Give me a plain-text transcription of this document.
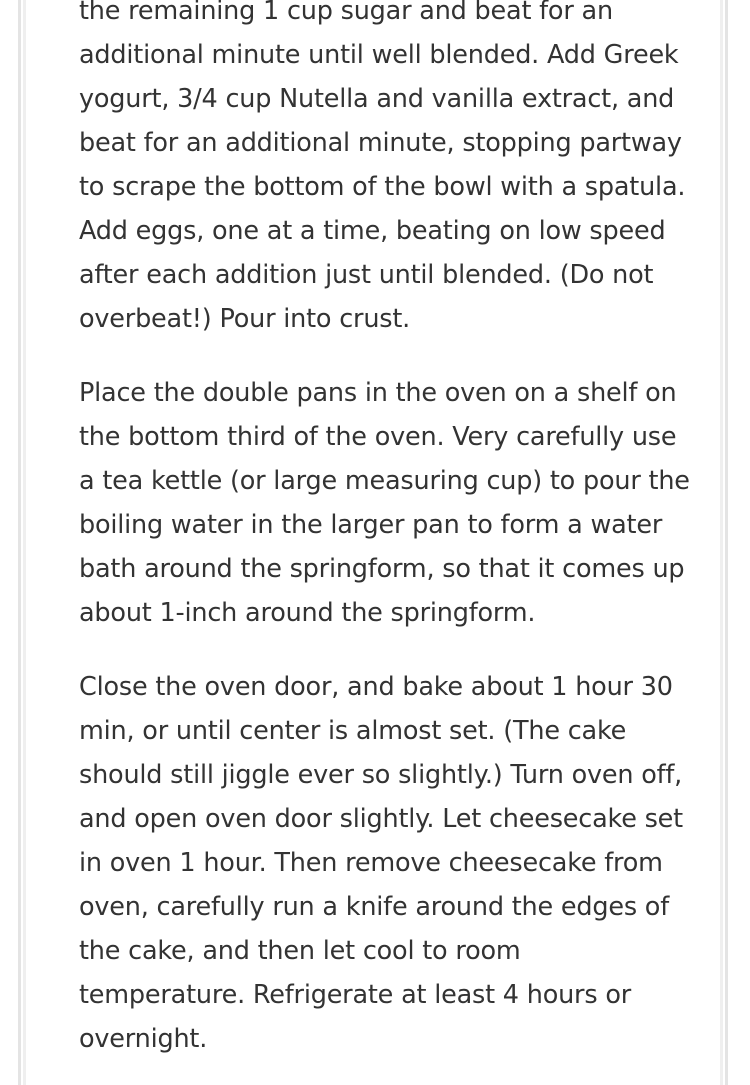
the remaining 1 cup sugar and beat for an
additional minute until well blended. Add Greek
yogurt, 3/4 cup Nutella and vanilla extract, and
beat for an additional minute, stopping partway
to scrape the bottom of the bowl with a spatula.
Add eggs, one at a time, beating on low speed
after each addition just until blended. (Do not
overbeat!) Pour into crust.

Place the double pans in the oven on a shelf on
the bottom third of the oven. Very carefully use
a tea kettle (or large measuring cup) to pour the
boiling water in the larger pan to form a water
bath around the springform, so that it comes up
about 1-inch around the springform.

Close the oven door, and bake about 1 hour 30
min, or until center is almost set. (The cake
should still jiggle ever so slightly.) Turn oven off,
and open oven door slightly. Let cheesecake set
in oven 1 hour. Then remove cheesecake from
oven, carefully run a knife around the edges of
the cake, and then let cool to room
temperature. Refrigerate at least 4 hours or
overnight.
